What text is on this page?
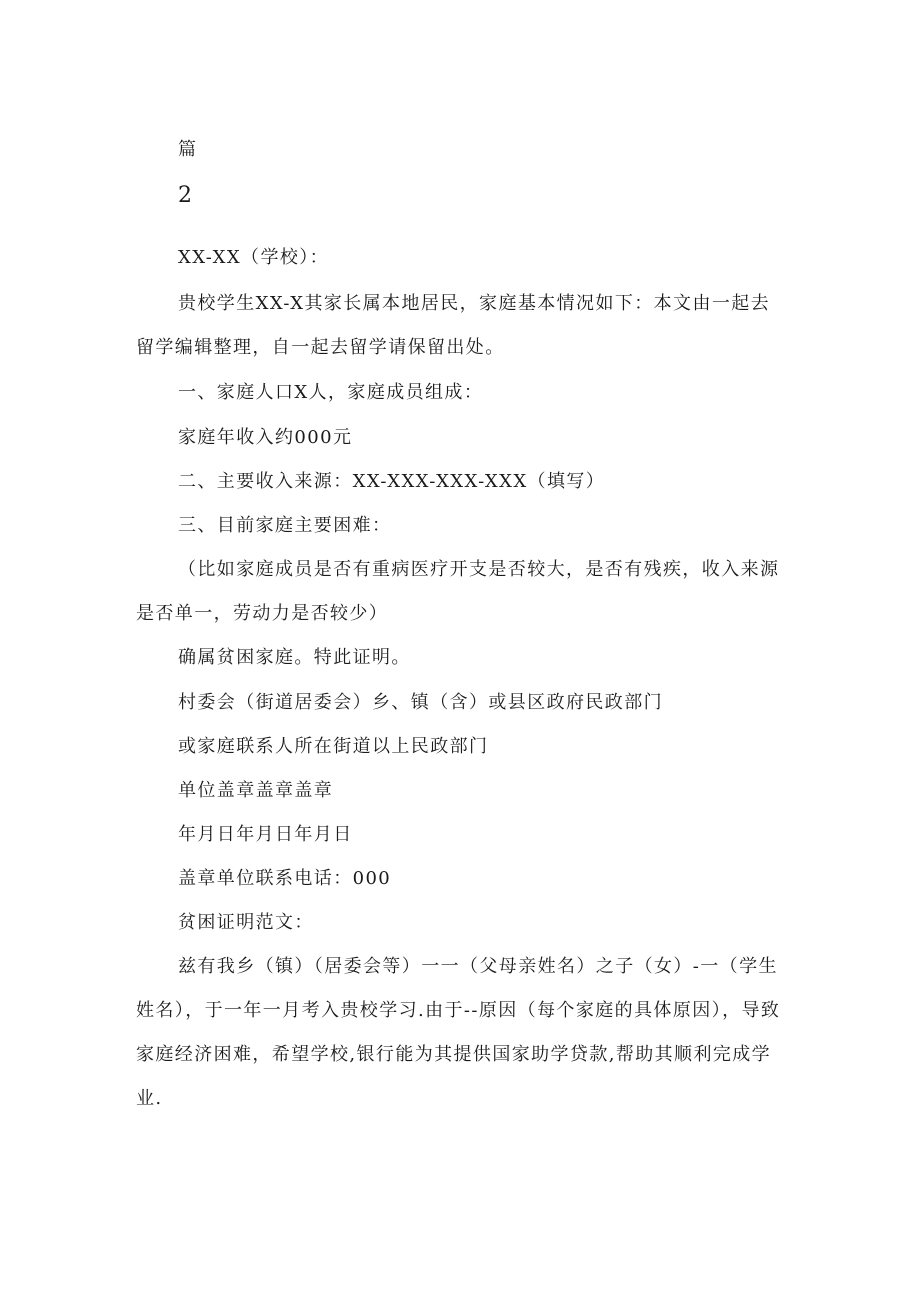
篇
2
XX-XX（学校）：
贵校学生XX-X其家长属本地居民，家庭基本情况如下：本文由一起去留学编辑整理，自一起去留学请保留出处。
一、家庭人口X人，家庭成员组成：
家庭年收入约000元
二、主要收入来源：XX-XXX-XXX-XXX（填写）
三、目前家庭主要困难：
（比如家庭成员是否有重病医疗开支是否较大，是否有残疾，收入来源是否单一，劳动力是否较少）
确属贫困家庭。特此证明。
村委会（街道居委会）乡、镇（含）或县区政府民政部门
或家庭联系人所在街道以上民政部门
单位盖章盖章盖章
年月日年月日年月日
盖章单位联系电话：000
贫困证明范文：
兹有我乡（镇）（居委会等）一一（父母亲姓名）之子（女）-一（学生姓名），于一年一月考入贵校学习.由于--原因（每个家庭的具体原因），导致家庭经济困难，希望学校,银行能为其提供国家助学贷款,帮助其顺利完成学业.
